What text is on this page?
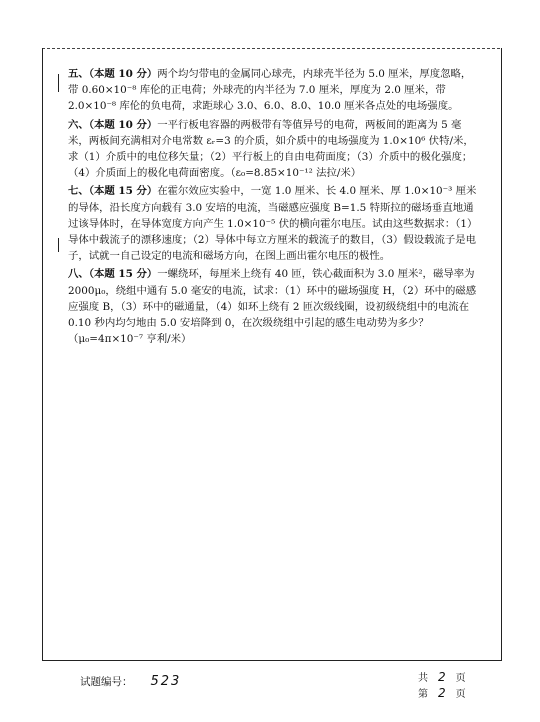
五、（本题 10 分）两个均匀带电的金属同心球壳，内球壳半径为 5.0 厘米，厚度忽略，带 0.60×10⁻⁸ 库伦的正电荷；外球壳的内半径为 7.0 厘米，厚度为 2.0 厘米，带 2.0×10⁻⁸ 库伦的负电荷，求距球心 3.0、6.0、8.0、10.0 厘米各点处的电场强度。
六、（本题 10 分）一平行板电容器的两极带有等值异号的电荷，两板间的距离为 5 毫米，两板间充满相对介电常数 εᵣ=3 的介质，如介质中的电场强度为 1.0×10⁶ 伏特/米，求（1）介质中的电位移矢量；（2）平行板上的自由电荷面度；（3）介质中的极化强度；（4）介质面上的极化电荷面密度。（ε₀=8.85×10⁻¹² 法拉/米）
七、（本题 15 分）在霍尔效应实验中，一宽 1.0 厘米、长 4.0 厘米、厚 1.0×10⁻³ 厘米的导体，沿长度方向载有 3.0 安培的电流，当磁感应强度 B=1.5 特斯拉的磁场垂直地通过该导体时，在导体宽度方向产生 1.0×10⁻⁵ 伏的横向霍尔电压。试由这些数据求：（1）导体中载流子的漂移速度；（2）导体中每立方厘米的载流子的数目，（3）假设载流子是电子，试就一自己设定的电流和磁场方向，在图上画出霍尔电压的极性。
八、（本题 15 分）一螺绕环，每厘米上绕有 40 匝，铁心截面积为 3.0 厘米²，磁导率为 2000μ₀，绕组中通有 5.0 毫安的电流，试求：（1）环中的磁场强度 H，（2）环中的磁感应强度 B，（3）环中的磁通量，（4）如环上绕有 2 匝次级线圈，设初级绕组中的电流在 0.10 秒内均匀地由 5.0 安培降到 0，在次级绕组中引起的感生电动势为多少？（μ₀=4π×10⁻⁷ 亨利/米）
试题编号： 523	共 2 页
第 2 页
